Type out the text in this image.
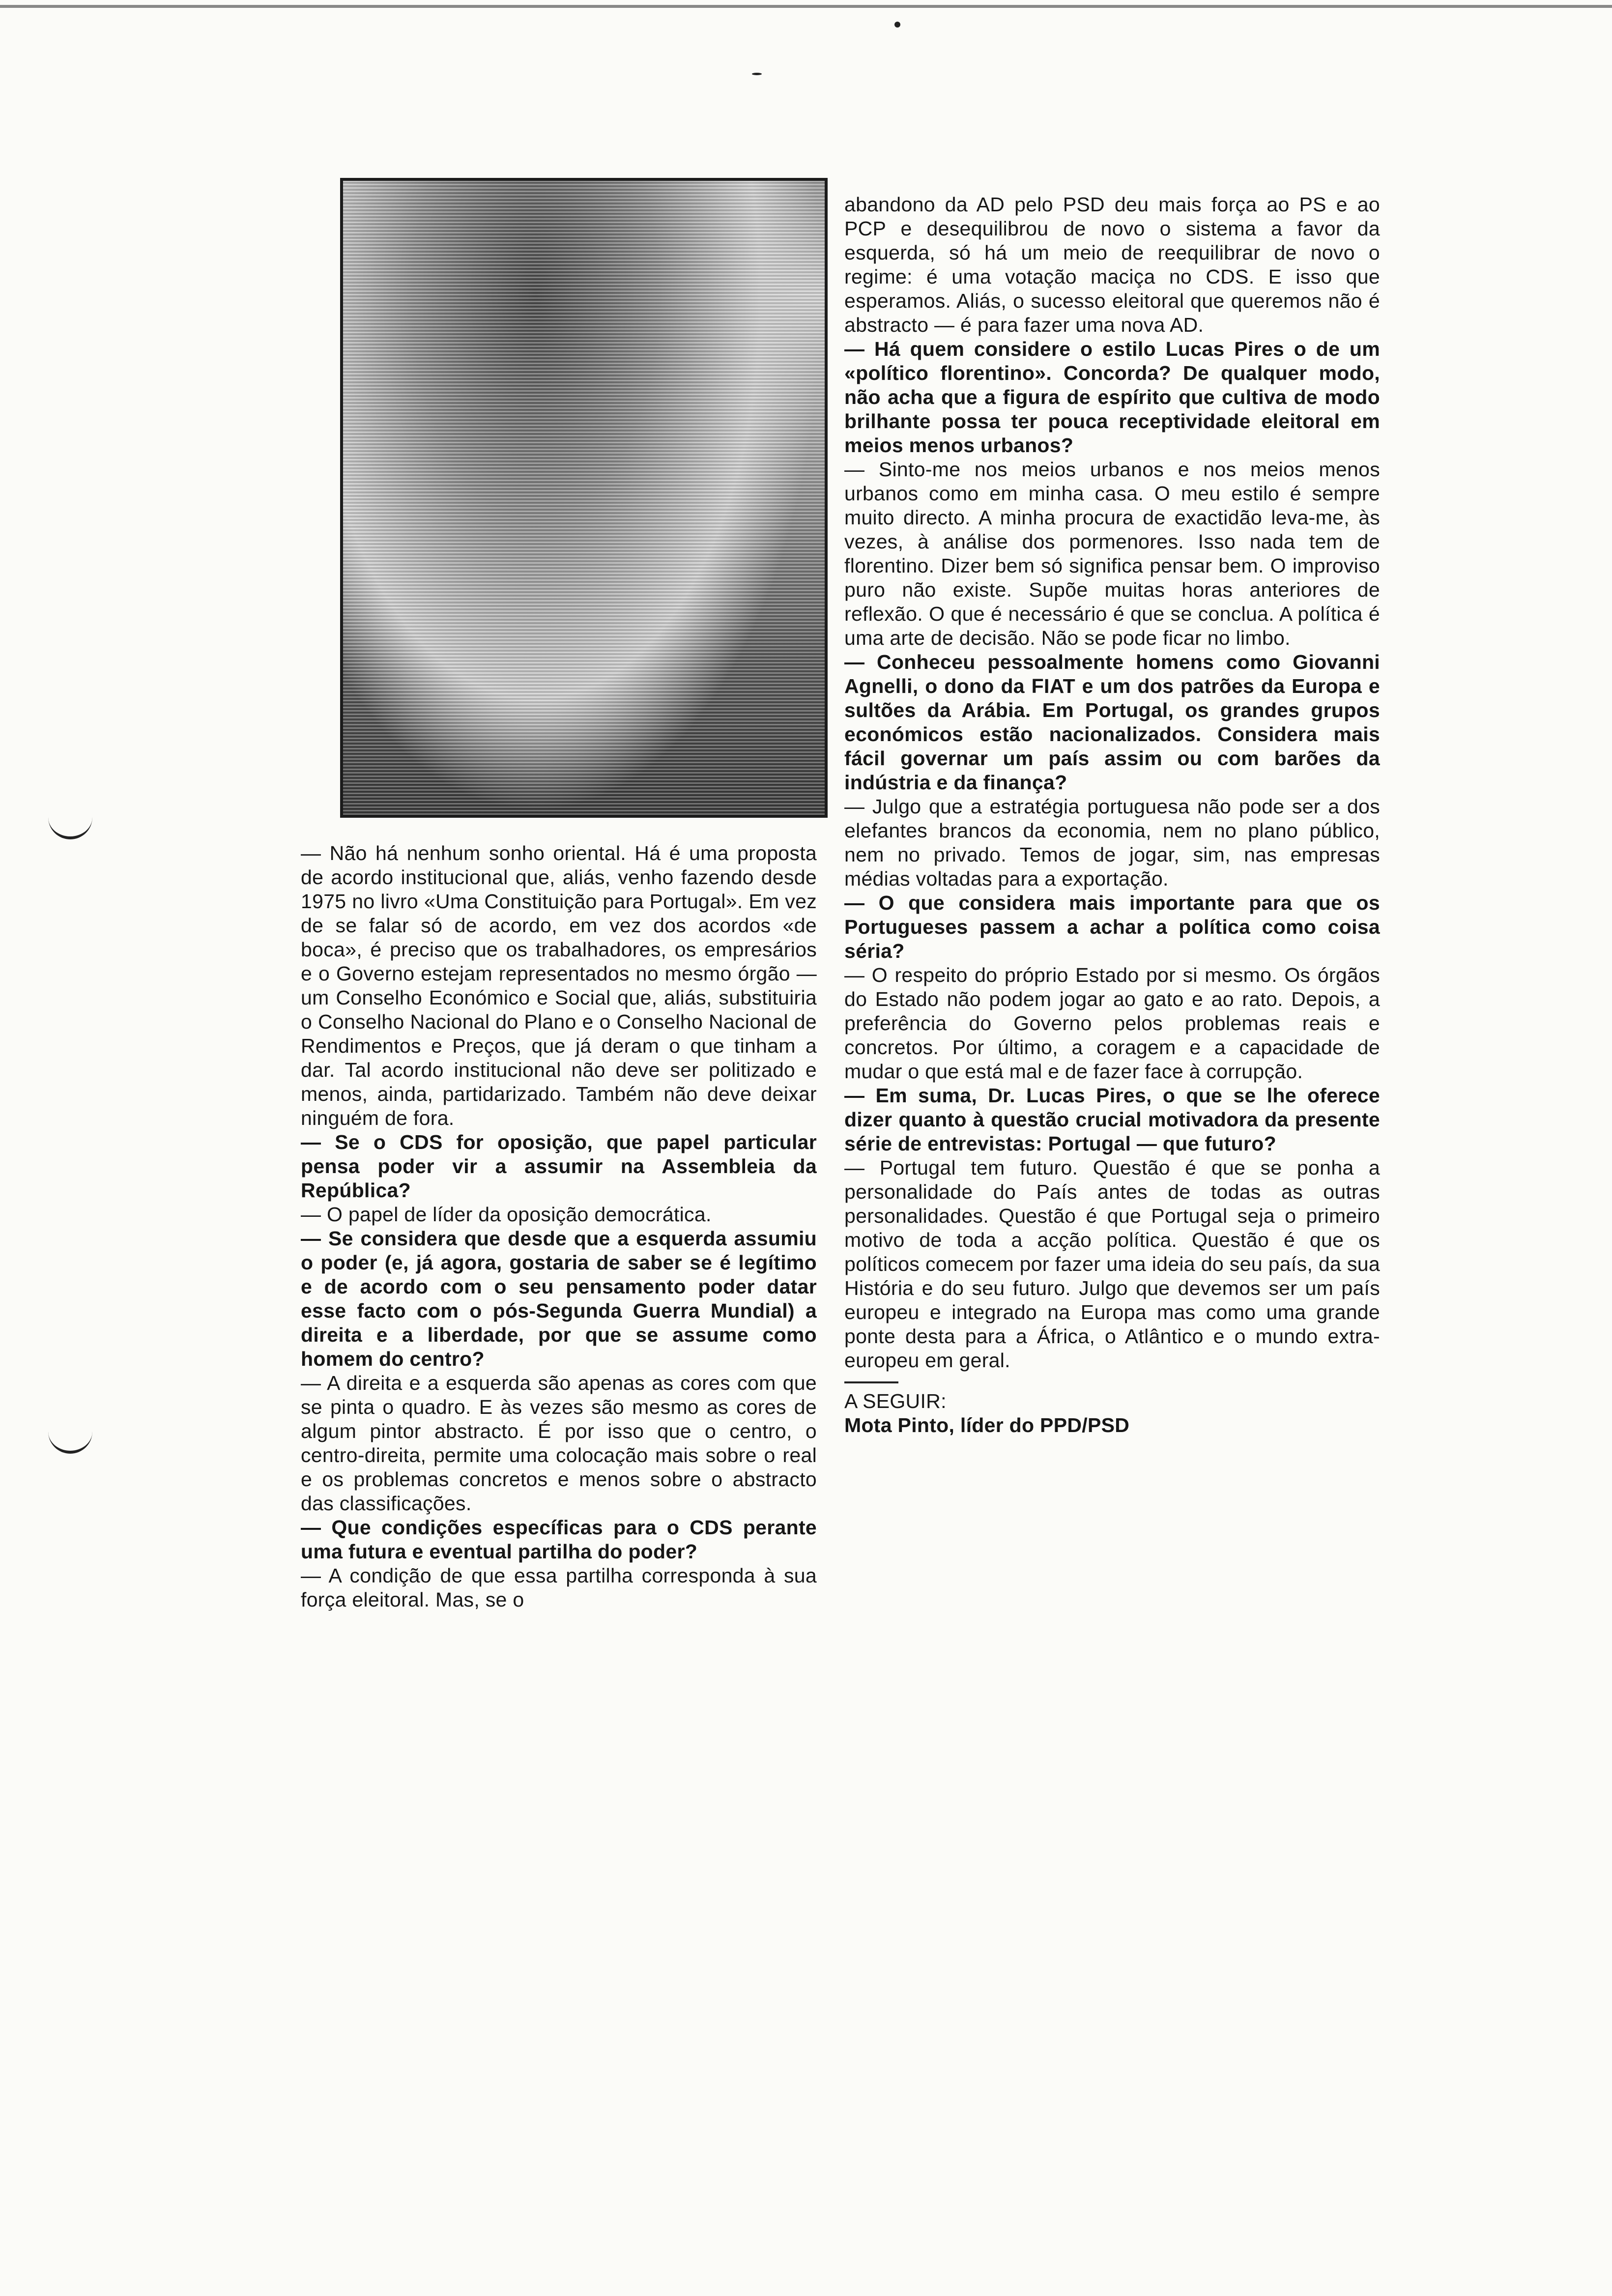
— Não há nenhum sonho oriental. Há é uma proposta de acordo institucional que, aliás, venho fazendo desde 1975 no livro «Uma Constituição para Portugal». Em vez de se falar só de acordo, em vez dos acordos «de boca», é preciso que os trabalhadores, os empresários e o Governo estejam representados no mesmo órgão — um Conselho Económico e Social que, aliás, substituiria o Conselho Nacional do Plano e o Conselho Nacional de Rendimentos e Preços, que já deram o que tinham a dar. Tal acordo institucional não deve ser politizado e menos, ainda, partidarizado. Também não deve deixar ninguém de fora.

— Se o CDS for oposição, que papel particular pensa poder vir a assumir na Assembleia da República?

— O papel de líder da oposição democrática.

— Se considera que desde que a esquerda assumiu o poder (e, já agora, gostaria de saber se é legítimo e de acordo com o seu pensamento poder datar esse facto com o pós-Segunda Guerra Mundial) a direita e a liberdade, por que se assume como homem do centro?

— A direita e a esquerda são apenas as cores com que se pinta o quadro. E às vezes são mesmo as cores de algum pintor abstracto. É por isso que o centro, o centro-direita, permite uma colocação mais sobre o real e os problemas concretos e menos sobre o abstracto das classificações.

— Que condições específicas para o CDS perante uma futura e eventual partilha do poder?

— A condição de que essa partilha corresponda à sua força eleitoral. Mas, se o

abandono da AD pelo PSD deu mais força ao PS e ao PCP e desequilibrou de novo o sistema a favor da esquerda, só há um meio de reequilibrar de novo o regime: é uma votação maciça no CDS. E isso que esperamos. Aliás, o sucesso eleitoral que queremos não é abstracto — é para fazer uma nova AD.

— Há quem considere o estilo Lucas Pires o de um «político florentino». Concorda? De qualquer modo, não acha que a figura de espírito que cultiva de modo brilhante possa ter pouca receptividade eleitoral em meios menos urbanos?

— Sinto-me nos meios urbanos e nos meios menos urbanos como em minha casa. O meu estilo é sempre muito directo. A minha procura de exactidão leva-me, às vezes, à análise dos pormenores. Isso nada tem de florentino. Dizer bem só significa pensar bem. O improviso puro não existe. Supõe muitas horas anteriores de reflexão. O que é necessário é que se conclua. A política é uma arte de decisão. Não se pode ficar no limbo.

— Conheceu pessoalmente homens como Giovanni Agnelli, o dono da FIAT e um dos patrões da Europa e sultões da Arábia. Em Portugal, os grandes grupos económicos estão nacionalizados. Considera mais fácil governar um país assim ou com barões da indústria e da finança?

— Julgo que a estratégia portuguesa não pode ser a dos elefantes brancos da economia, nem no plano público, nem no privado. Temos de jogar, sim, nas empresas médias voltadas para a exportação.

— O que considera mais importante para que os Portugueses passem a achar a política como coisa séria?

— O respeito do próprio Estado por si mesmo. Os órgãos do Estado não podem jogar ao gato e ao rato. Depois, a preferência do Governo pelos problemas reais e concretos. Por último, a coragem e a capacidade de mudar o que está mal e de fazer face à corrupção.

— Em suma, Dr. Lucas Pires, o que se lhe oferece dizer quanto à questão crucial motivadora da presente série de entrevistas: Portugal — que futuro?

— Portugal tem futuro. Questão é que se ponha a personalidade do País antes de todas as outras personalidades. Questão é que Portugal seja o primeiro motivo de toda a acção política. Questão é que os políticos comecem por fazer uma ideia do seu país, da sua História e do seu futuro. Julgo que devemos ser um país europeu e integrado na Europa mas como uma grande ponte desta para a África, o Atlântico e o mundo extra-europeu em geral.

A SEGUIR:

Mota Pinto, líder do PPD/PSD
